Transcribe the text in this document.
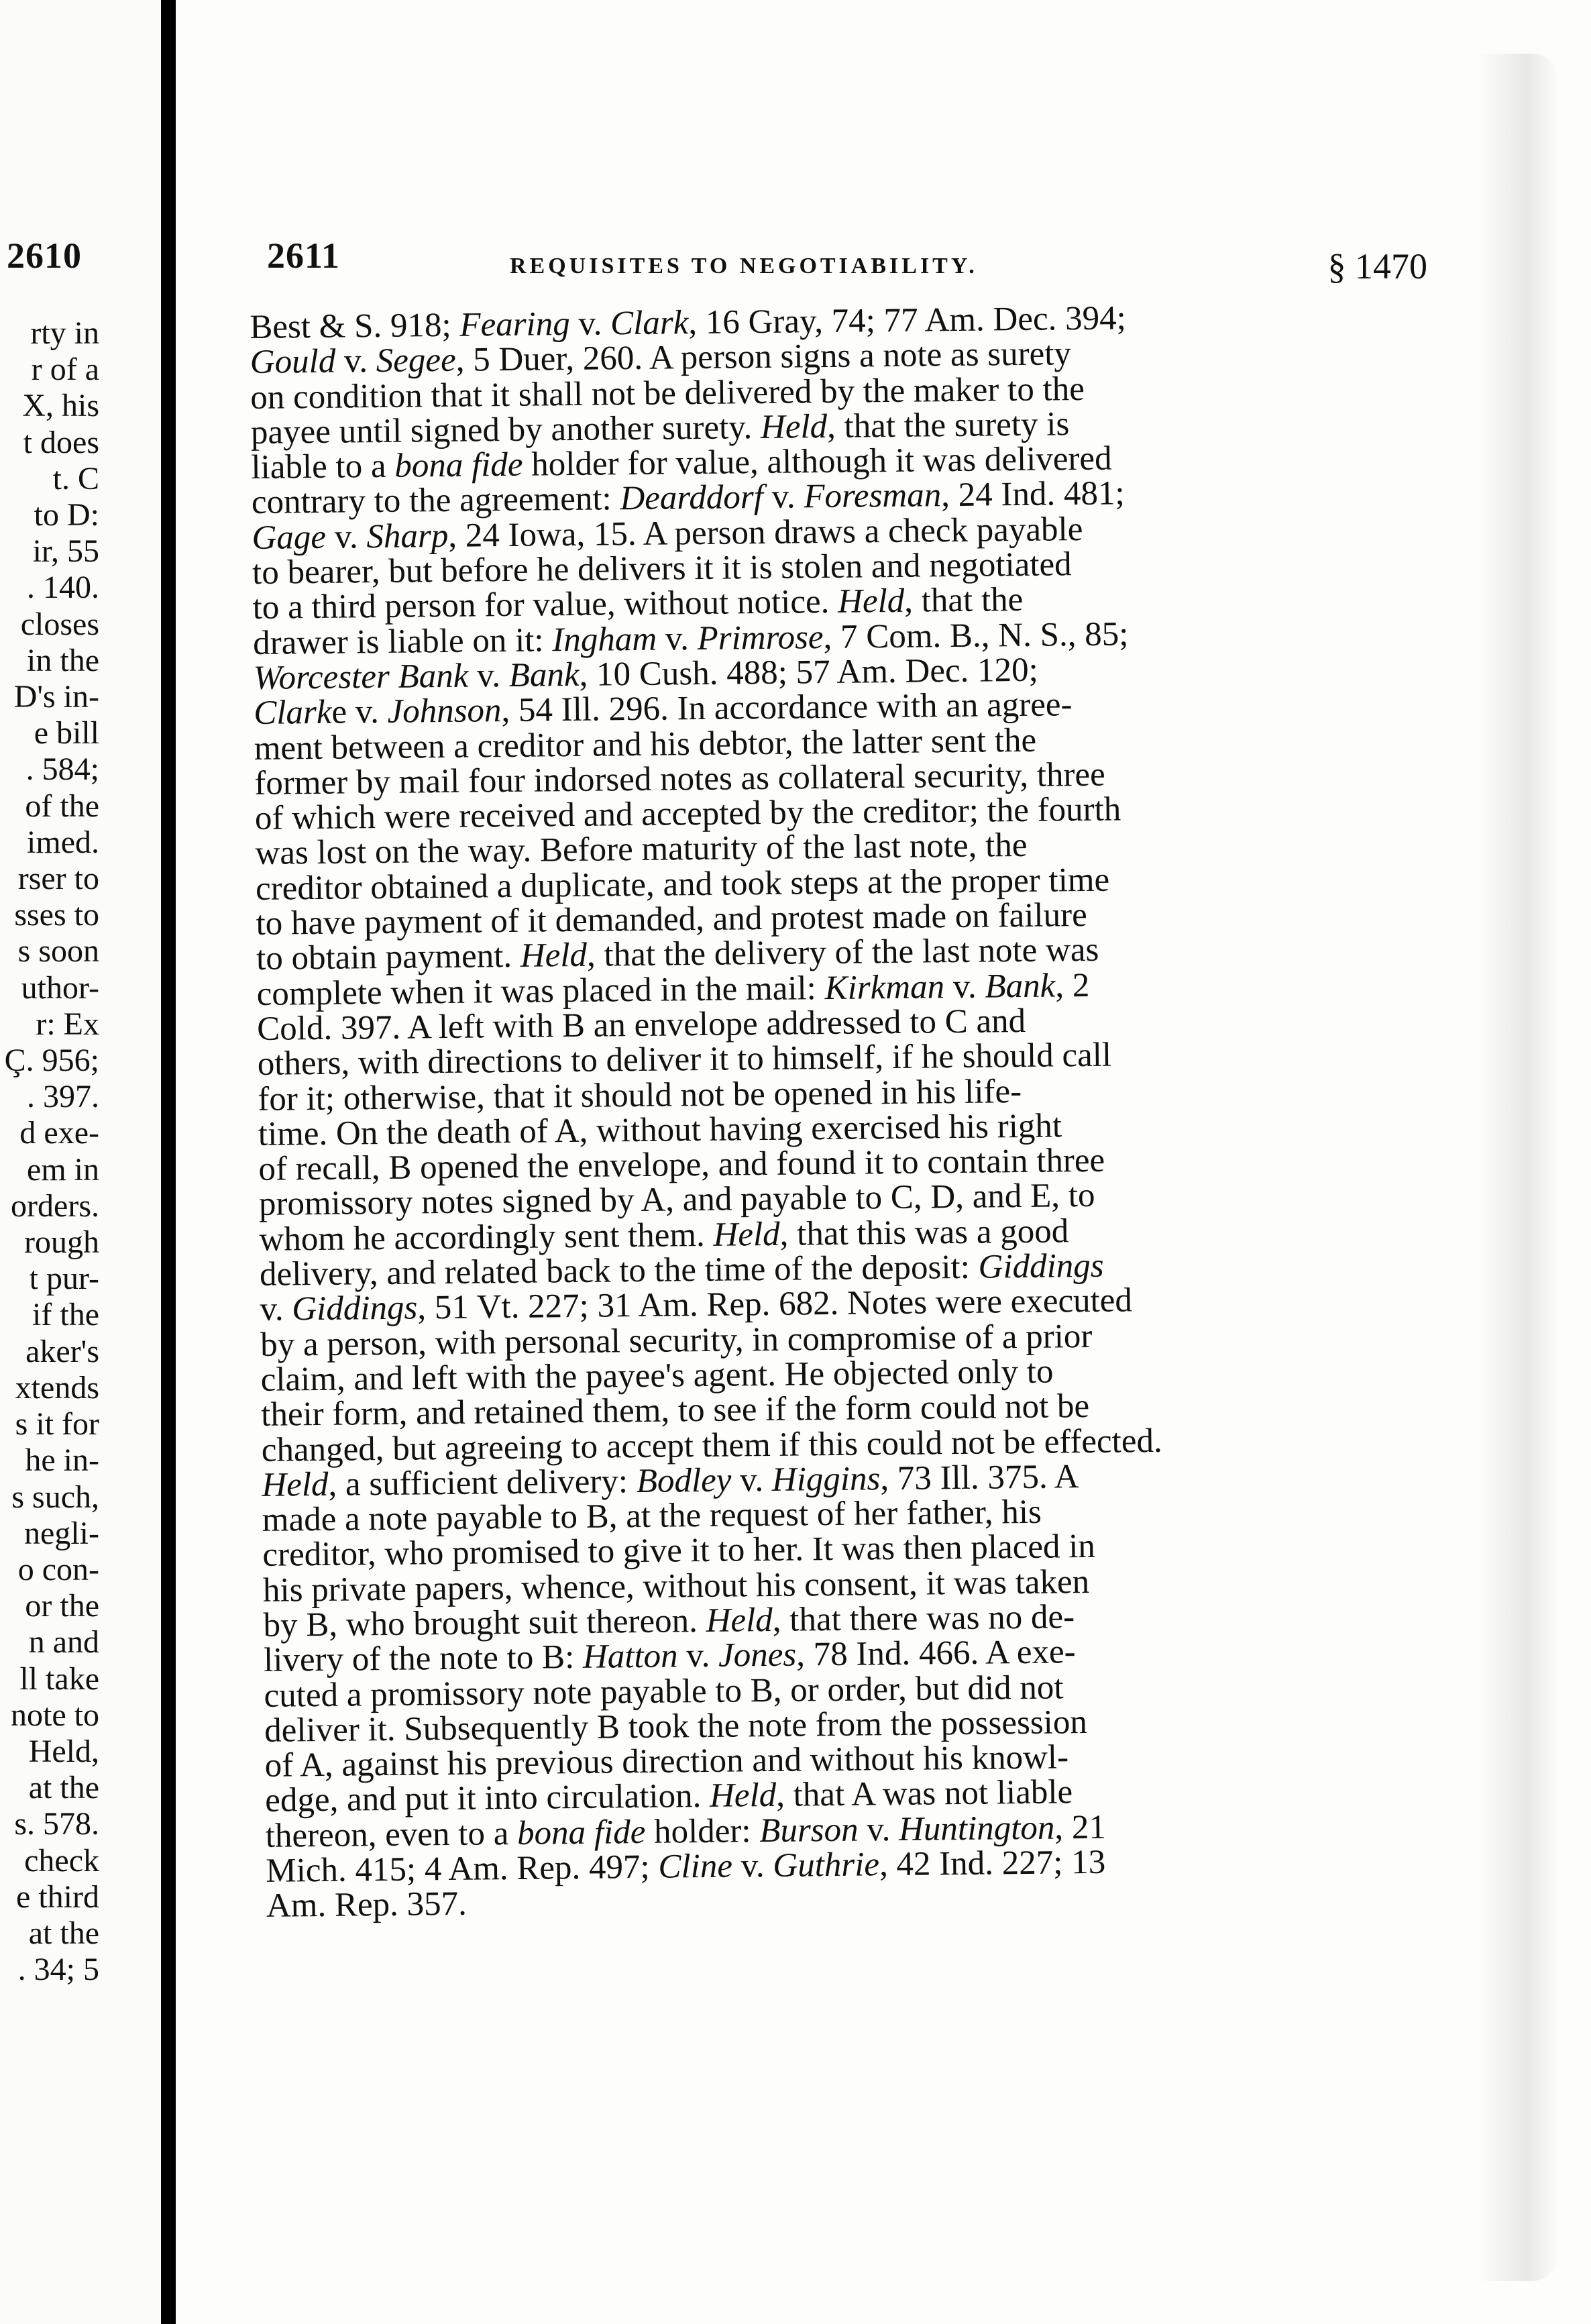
2610
rty in
r of a
X, his
t does
t. C
to D:
ir, 55
. 140.
closes
in the
D's in-
e bill
. 584;
of the
imed.
rser to
sses to
s soon
uthor-
r: Ex
Ç. 956;
. 397.
d exe-
em in
orders.
rough
t pur-
if the
aker's
xtends
s it for
he in-
s such,
negli-
o con-
or the
n and
ll take
note to
Held,
at the
s. 578.
check
e third
at the
. 34; 5
2611	REQUISITES TO NEGOTIABILITY.	§ 1470
Best & S. 918; Fearing v. Clark, 16 Gray, 74; 77 Am. Dec. 394;
Gould v. Segee, 5 Duer, 260. A person signs a note as surety
on condition that it shall not be delivered by the maker to the
payee until signed by another surety. Held, that the surety is
liable to a bona fide holder for value, although it was delivered
contrary to the agreement: Dearddorf v. Foresman, 24 Ind. 481;
Gage v. Sharp, 24 Iowa, 15. A person draws a check payable
to bearer, but before he delivers it it is stolen and negotiated
to a third person for value, without notice. Held, that the
drawer is liable on it: Ingham v. Primrose, 7 Com. B., N. S., 85;
Worcester Bank v. Bank, 10 Cush. 488; 57 Am. Dec. 120;
Clarke v. Johnson, 54 Ill. 296. In accordance with an agree-
ment between a creditor and his debtor, the latter sent the
former by mail four indorsed notes as collateral security, three
of which were received and accepted by the creditor; the fourth
was lost on the way. Before maturity of the last note, the
creditor obtained a duplicate, and took steps at the proper time
to have payment of it demanded, and protest made on failure
to obtain payment. Held, that the delivery of the last note was
complete when it was placed in the mail: Kirkman v. Bank, 2
Cold. 397. A left with B an envelope addressed to C and
others, with directions to deliver it to himself, if he should call
for it; otherwise, that it should not be opened in his life-
time. On the death of A, without having exercised his right
of recall, B opened the envelope, and found it to contain three
promissory notes signed by A, and payable to C, D, and E, to
whom he accordingly sent them. Held, that this was a good
delivery, and related back to the time of the deposit: Giddings
v. Giddings, 51 Vt. 227; 31 Am. Rep. 682. Notes were executed
by a person, with personal security, in compromise of a prior
claim, and left with the payee's agent. He objected only to
their form, and retained them, to see if the form could not be
changed, but agreeing to accept them if this could not be effected.
Held, a sufficient delivery: Bodley v. Higgins, 73 Ill. 375. A
made a note payable to B, at the request of her father, his
creditor, who promised to give it to her. It was then placed in
his private papers, whence, without his consent, it was taken
by B, who brought suit thereon. Held, that there was no de-
livery of the note to B: Hatton v. Jones, 78 Ind. 466. A exe-
cuted a promissory note payable to B, or order, but did not
deliver it. Subsequently B took the note from the possession
of A, against his previous direction and without his knowl-
edge, and put it into circulation. Held, that A was not liable
thereon, even to a bona fide holder: Burson v. Huntington, 21
Mich. 415; 4 Am. Rep. 497; Cline v. Guthrie, 42 Ind. 227; 13
Am. Rep. 357.
